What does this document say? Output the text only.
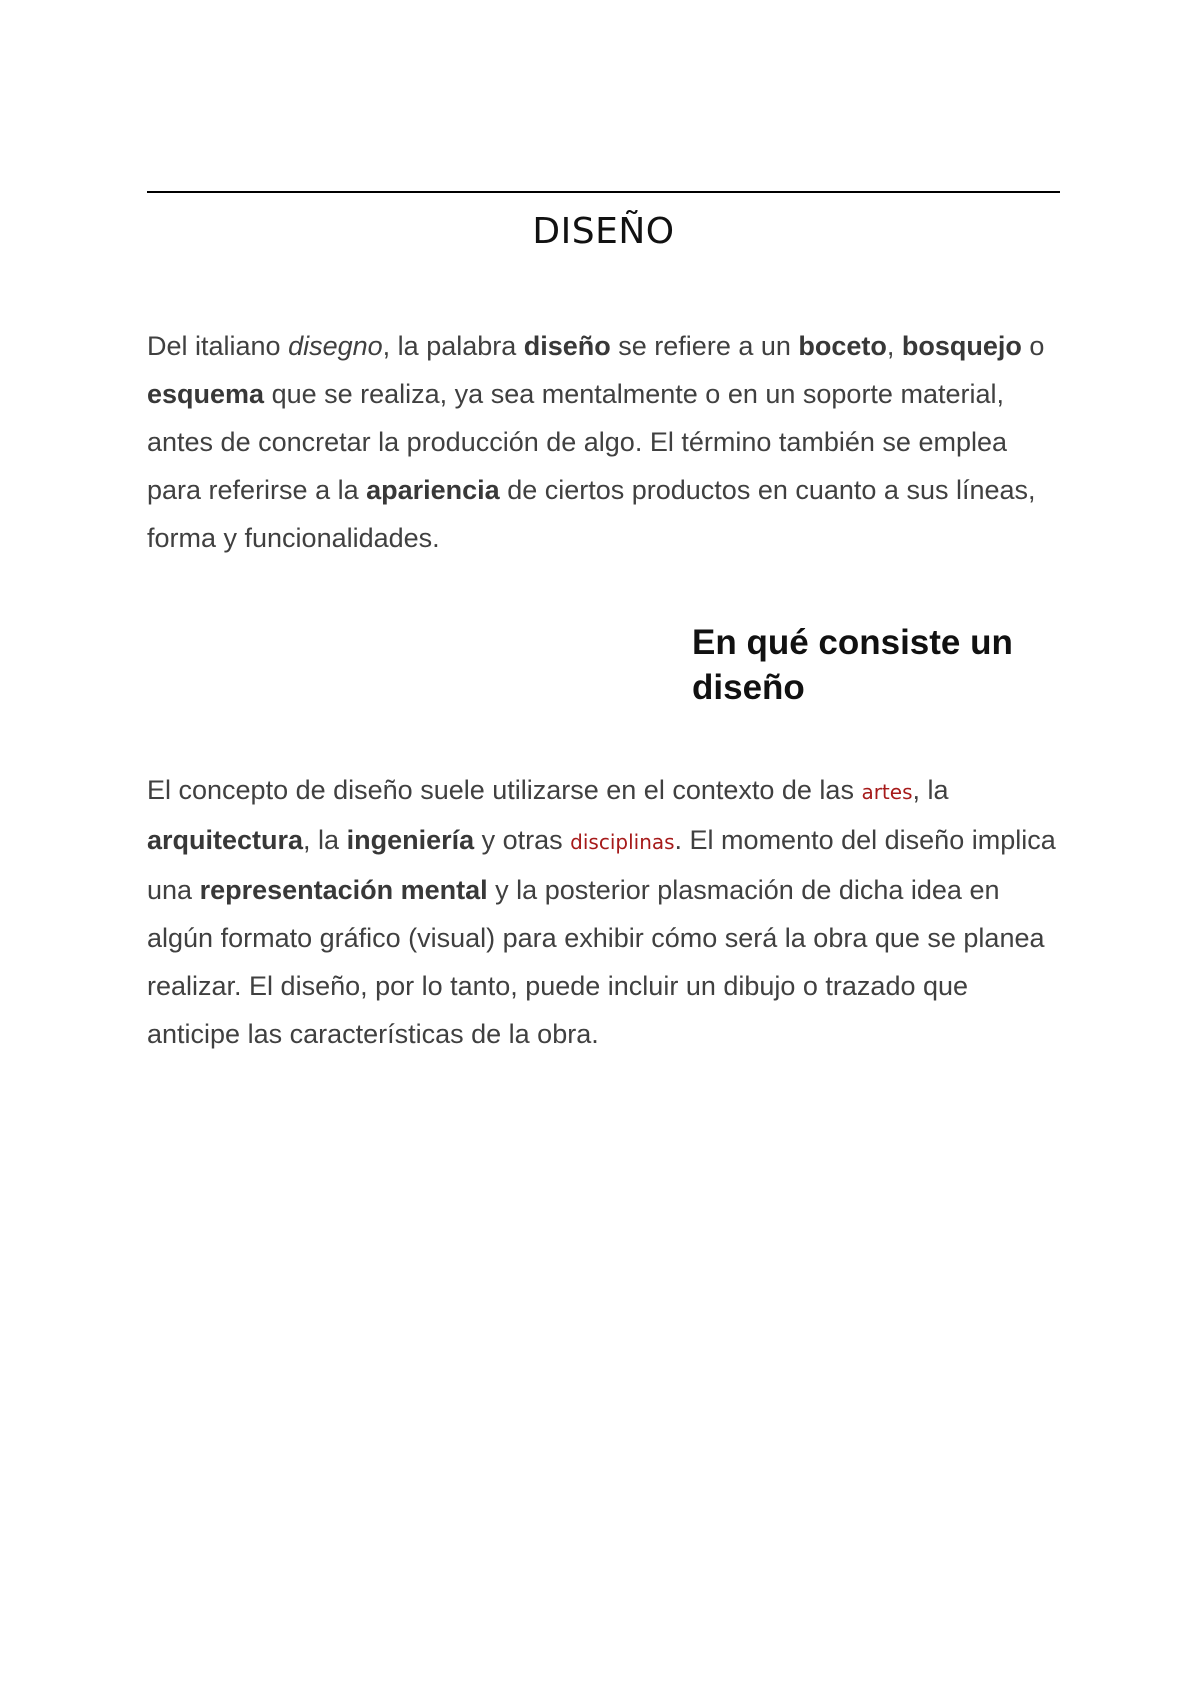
DISEÑO

Del italiano disegno, la palabra diseño se refiere a un boceto, bosquejo o esquema que se realiza, ya sea mentalmente o en un soporte material, antes de concretar la producción de algo. El término también se emplea para referirse a la apariencia de ciertos productos en cuanto a sus líneas, forma y funcionalidades.

En qué consiste un diseño

El concepto de diseño suele utilizarse en el contexto de las artes, la arquitectura, la ingeniería y otras disciplinas. El momento del diseño implica una representación mental y la posterior plasmación de dicha idea en algún formato gráfico (visual) para exhibir cómo será la obra que se planea realizar. El diseño, por lo tanto, puede incluir un dibujo o trazado que anticipe las características de la obra.
